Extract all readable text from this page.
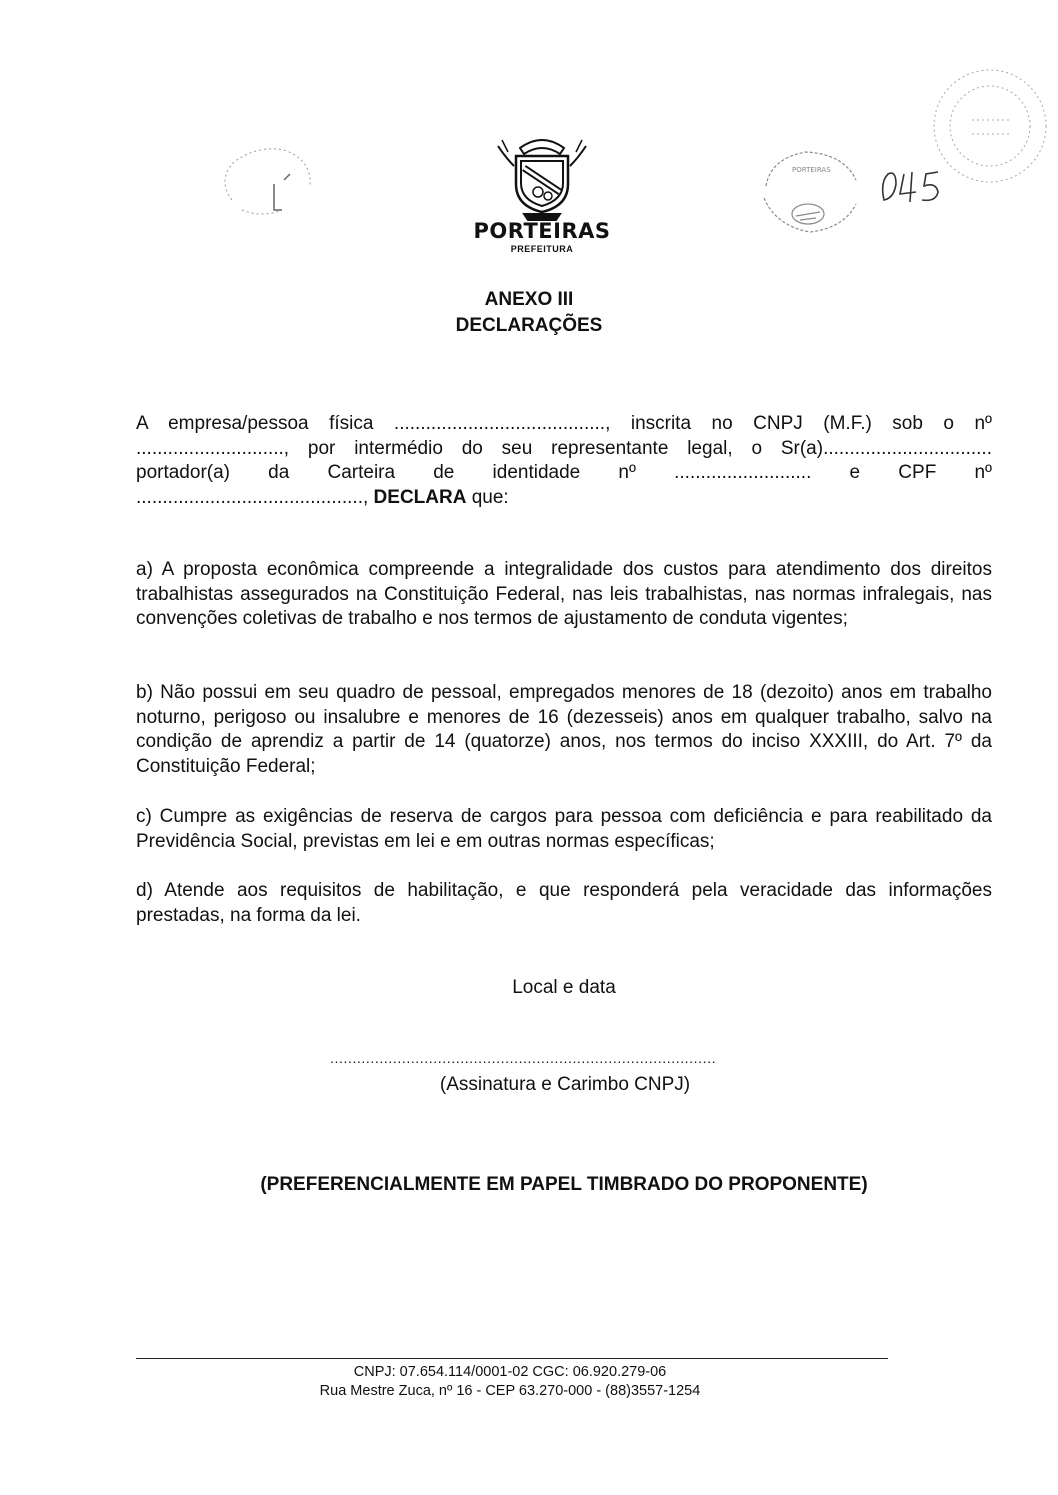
PORTEIRAS
PORTEIRAS
PREFEITURA
ANEXO III
DECLARAÇÕES
A empresa/pessoa física ........................................, inscrita no CNPJ (M.F.) sob o nº
............................, por intermédio do seu representante legal, o Sr(a)................................
portador(a) da Carteira de identidade nº .......................... e CPF nº
..........................................., DECLARA que:
a) A proposta econômica compreende a integralidade dos custos para atendimento dos direitos trabalhistas assegurados na Constituição Federal, nas leis trabalhistas, nas normas infralegais, nas convenções coletivas de trabalho e nos termos de ajustamento de conduta vigentes;
b) Não possui em seu quadro de pessoal, empregados menores de 18 (dezoito) anos em trabalho noturno, perigoso ou insalubre e menores de 16 (dezesseis) anos em qualquer trabalho, salvo na condição de aprendiz a partir de 14 (quatorze) anos, nos termos do inciso XXXIII, do Art. 7º da Constituição Federal;
c) Cumpre as exigências de reserva de cargos para pessoa com deficiência e para reabilitado da Previdência Social, previstas em lei e em outras normas específicas;
d) Atende aos requisitos de habilitação, e que responderá pela veracidade das informações prestadas, na forma da lei.
Local e data
......................................................................................
(Assinatura e Carimbo CNPJ)
(PREFERENCIALMENTE EM PAPEL TIMBRADO DO PROPONENTE)
CNPJ: 07.654.114/0001-02 CGC: 06.920.279-06
Rua Mestre Zuca, nº 16 - CEP 63.270-000 - (88)3557-1254
